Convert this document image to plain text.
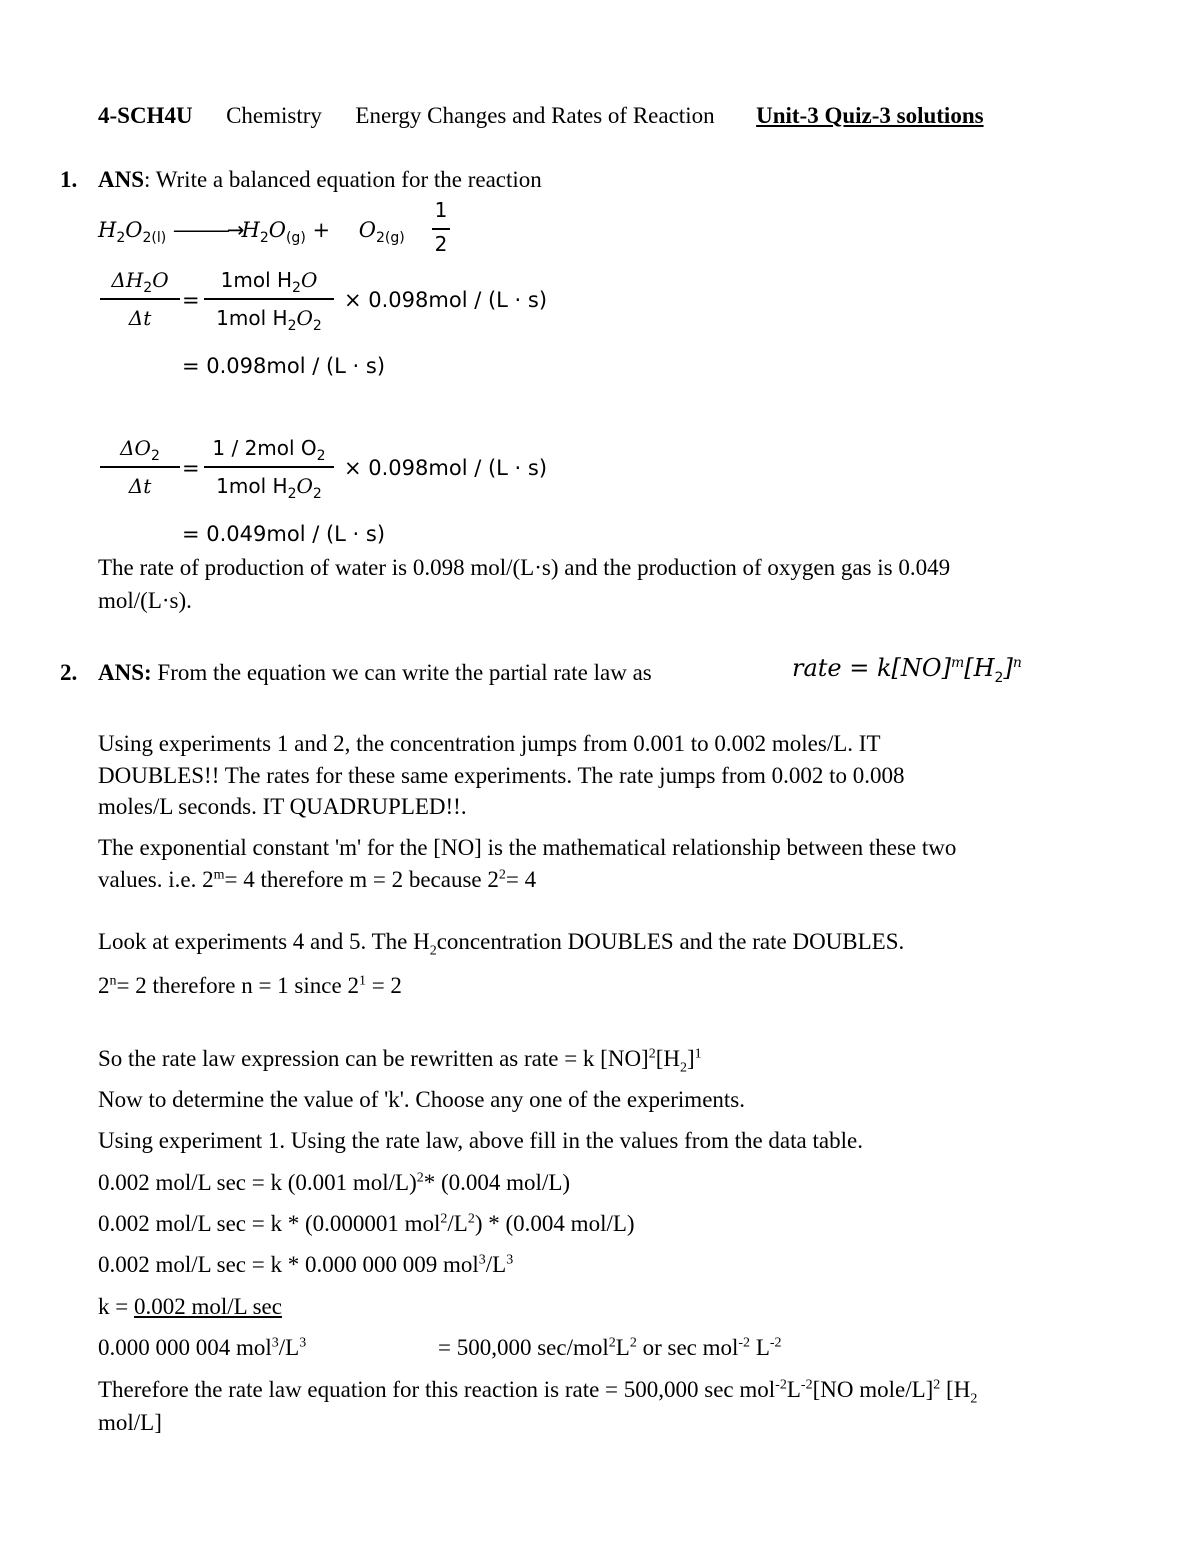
4-SCH4U Chemistry Energy Changes and Rates of Reaction Unit-3 Quiz-3 solutions
1. ANS: Write a balanced equation for the reaction
$H_2O_{2(l)}$ $———\to H_2O_{(g)} + O_{2(g)}$
1
2
$\Delta H_2O$
Δt
=
1mol $H_2O$
1mol $H_2O_2$
× 0.098mol / (L · s)
= 0.098mol / (L · s)
$\Delta O_2$
Δt
=
1 / 2mol $O_2$
1mol $H_2O_2$
× 0.098mol / (L · s)
= 0.049mol / (L · s)
The rate of production of water is 0.098 mol/(L·s) and the production of oxygen gas is 0.049
mol/(L·s).
2. ANS: From the equation we can write the partial rate law as	rate = $k[NO]^m[H_2]^n$
Using experiments 1 and 2, the concentration jumps from 0.001 to 0.002 moles/L. IT
DOUBLES!! The rates for these same experiments. The rate jumps from 0.002 to 0.008
moles/L seconds. IT QUADRUPLED!!.
The exponential constant 'm' for the [NO] is the mathematical relationship between these two
values. i.e. $2^m= 4$ therefore m = 2 because $2^2= 4$
Look at experiments 4 and 5. The $H_2concentration$ DOUBLES and the rate DOUBLES.
$2^n= 2$ therefore n = 1 since $2^1 = 2$
So the rate law expression can be rewritten as rate = k $[NO]^2[H_2]^1$
Now to determine the value of 'k'. Choose any one of the experiments.
Using experiment 1. Using the rate law, above fill in the values from the data table.
0.002 mol/L sec = k (0.001 mol/L)$^2$* (0.004 mol/L)
0.002 mol/L sec = k * (0.000001 $mol^2/L^2) * (0.004$ mol/L)
0.002 mol/L sec = k * 0.000 000 009 $mol^3/L^3$
k = 0.002 mol/L sec
0.000 000 004 $mol^3/L^3$	= 500,000 $\sec/mol^2L^2$ or sec mol$^{-2}$ $L^{-2}$
Therefore the rate law equation for this reaction is rate = 500,000 $\sec mol^{-2}L^{-2}[NO$ mole/L]$^2$ [$H_2$
mol/L]
